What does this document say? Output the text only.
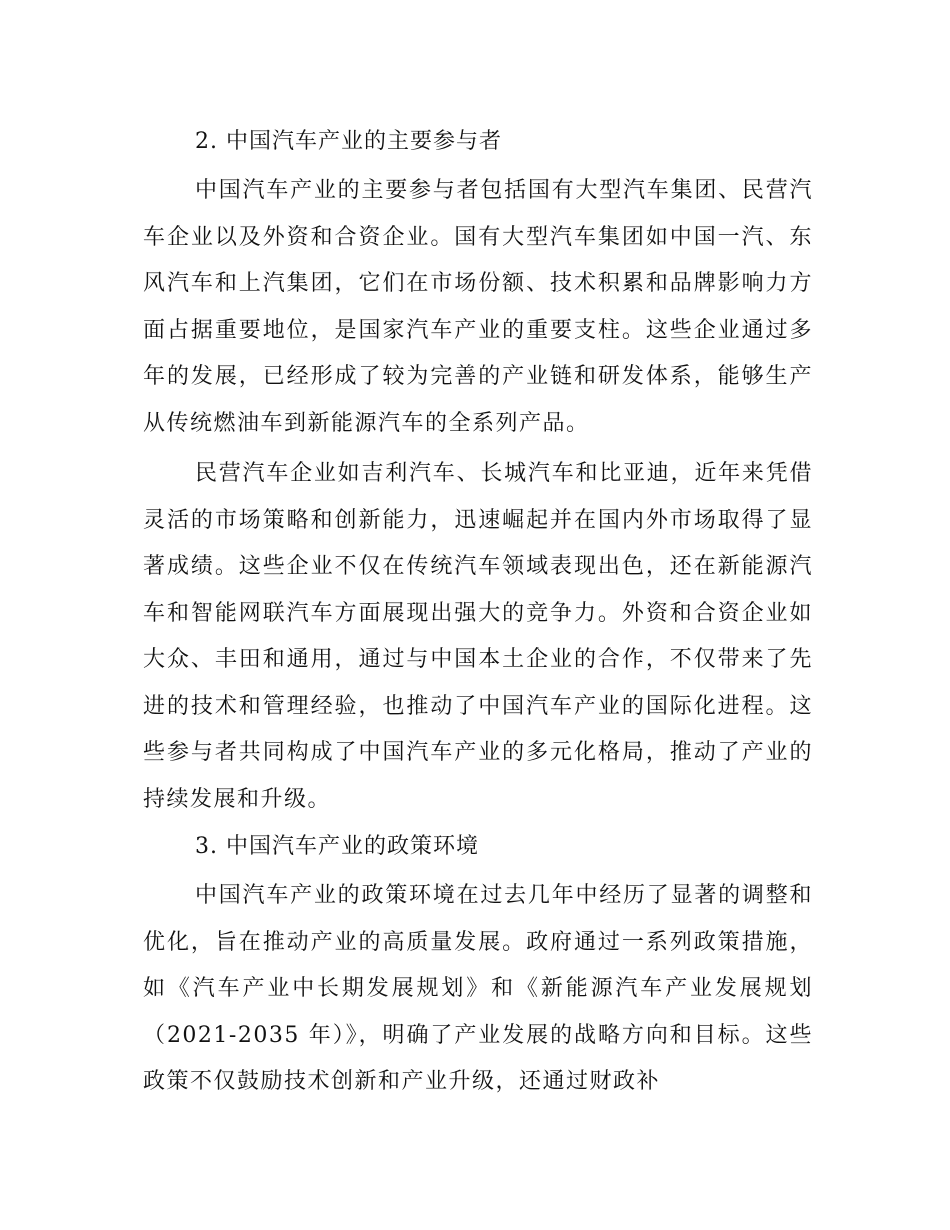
2. 中国汽车产业的主要参与者

中国汽车产业的主要参与者包括国有大型汽车集团、民营汽车企业以及外资和合资企业。国有大型汽车集团如中国一汽、东风汽车和上汽集团，它们在市场份额、技术积累和品牌影响力方面占据重要地位，是国家汽车产业的重要支柱。这些企业通过多年的发展，已经形成了较为完善的产业链和研发体系，能够生产从传统燃油车到新能源汽车的全系列产品。

民营汽车企业如吉利汽车、长城汽车和比亚迪，近年来凭借灵活的市场策略和创新能力，迅速崛起并在国内外市场取得了显著成绩。这些企业不仅在传统汽车领域表现出色，还在新能源汽车和智能网联汽车方面展现出强大的竞争力。外资和合资企业如大众、丰田和通用，通过与中国本土企业的合作，不仅带来了先进的技术和管理经验，也推动了中国汽车产业的国际化进程。这些参与者共同构成了中国汽车产业的多元化格局，推动了产业的持续发展和升级。

3. 中国汽车产业的政策环境

中国汽车产业的政策环境在过去几年中经历了显著的调整和优化，旨在推动产业的高质量发展。政府通过一系列政策措施，如《汽车产业中长期发展规划》和《新能源汽车产业发展规划（2021-2035 年）》，明确了产业发展的战略方向和目标。这些政策不仅鼓励技术创新和产业升级，还通过财政补
